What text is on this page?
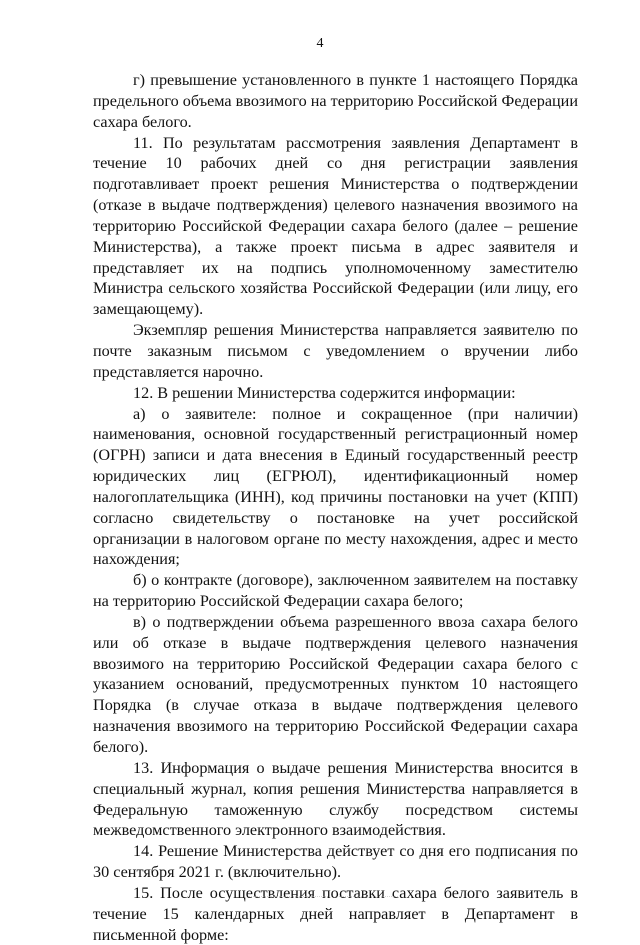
4

г) превышение установленного в пункте 1 настоящего Порядка предельного объема ввозимого на территорию Российской Федерации сахара белого.

11. По результатам рассмотрения заявления Департамент в течение 10 рабочих дней со дня регистрации заявления подготавливает проект решения Министерства о подтверждении (отказе в выдаче подтверждения) целевого назначения ввозимого на территорию Российской Федерации сахара белого (далее – решение Министерства), а также проект письма в адрес заявителя и представляет их на подпись уполномоченному заместителю Министра сельского хозяйства Российской Федерации (или лицу, его замещающему).

Экземпляр решения Министерства направляется заявителю по почте заказным письмом с уведомлением о вручении либо представляется нарочно.

12. В решении Министерства содержится информации:

а) о заявителе: полное и сокращенное (при наличии) наименования, основной государственный регистрационный номер (ОГРН) записи и дата внесения в Единый государственный реестр юридических лиц (ЕГРЮЛ), идентификационный номер налогоплательщика (ИНН), код причины постановки на учет (КПП) согласно свидетельству о постановке на учет российской организации в налоговом органе по месту нахождения, адрес и место нахождения;

б) о контракте (договоре), заключенном заявителем на поставку на территорию Российской Федерации сахара белого;

в) о подтверждении объема разрешенного ввоза сахара белого или об отказе в выдаче подтверждения целевого назначения ввозимого на территорию Российской Федерации сахара белого с указанием оснований, предусмотренных пунктом 10 настоящего Порядка (в случае отказа в выдаче подтверждения целевого назначения ввозимого на территорию Российской Федерации сахара белого).

13. Информация о выдаче решения Министерства вносится в специальный журнал, копия решения Министерства направляется в Федеральную таможенную службу посредством системы межведомственного электронного взаимодействия.

14. Решение Министерства действует со дня его подписания по 30 сентября 2021 г. (включительно).

15. После осуществления поставки сахара белого заявитель в течение 15 календарных дней направляет в Департамент в письменной форме:
